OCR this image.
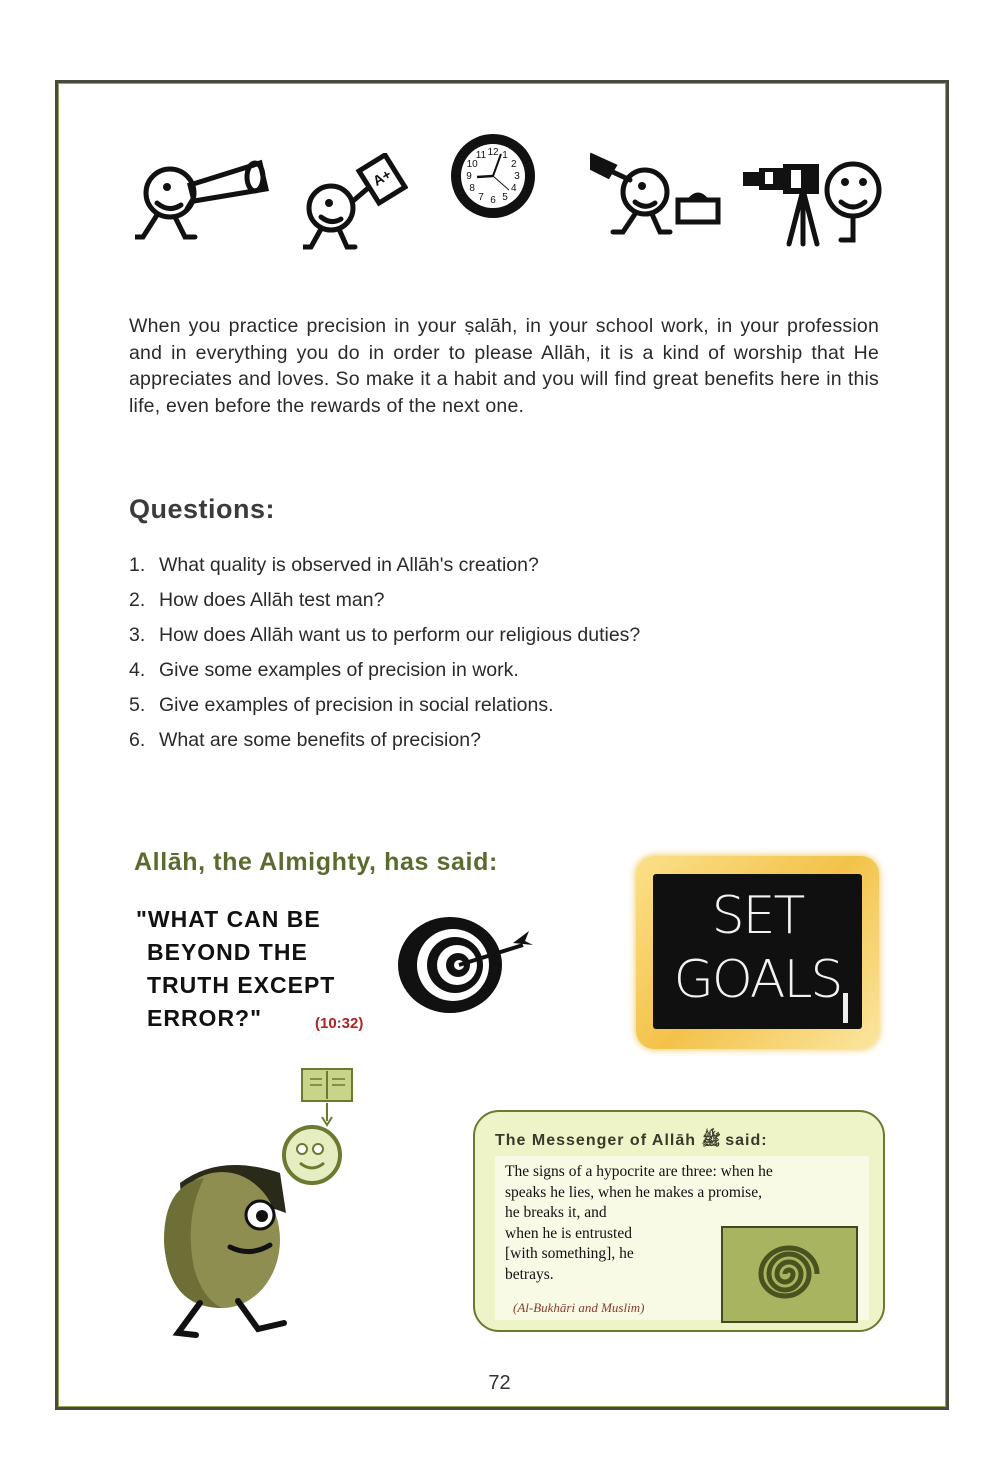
A+
12 1
2
3
4
5
6
7
8
9
10
11
When you practice precision in your ṣalāh, in your school work, in your profession and in everything you do in order to please Allāh, it is a kind of worship that He appreciates and loves. So make it a habit and you will find great benefits here in this life, even before the rewards of the next one.
Questions:
1. What quality is observed in Allāh's creation?
2. How does Allāh test man?
3. How does Allāh want us to perform our religious duties?
4. Give some examples of precision in work.
5. Give examples of precision in social relations.
6. What are some benefits of precision?
Allāh, the Almighty, has said:
"WHAT CAN BE
BEYOND THE
TRUTH EXCEPT
ERROR?"	(10:32)
SET
GOALS
The Messenger of Allāh ﷺ said:
The signs of a hypocrite are three: when he
speaks he lies, when he makes a promise,
he breaks it, and
when he is entrusted
[with something], he
betrays.
(Al-Bukhāri and Muslim)
72
